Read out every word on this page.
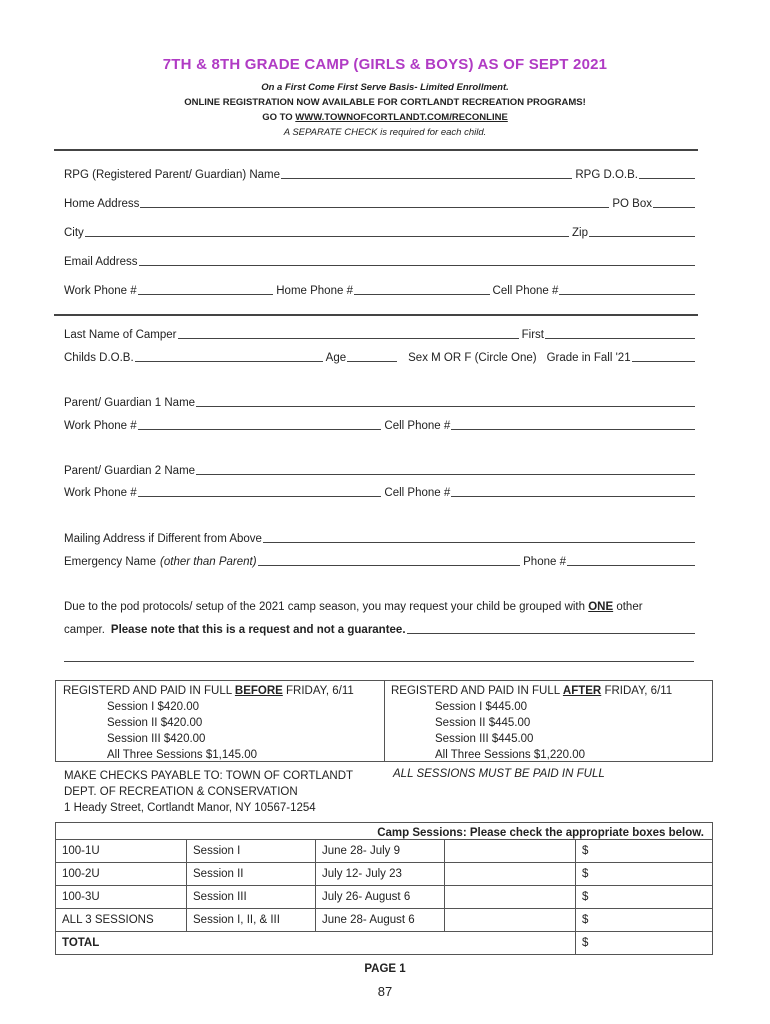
7TH & 8TH GRADE CAMP (GIRLS & BOYS) AS OF SEPT 2021
On a First Come First Serve Basis- Limited Enrollment.
ONLINE REGISTRATION NOW AVAILABLE FOR CORTLANDT RECREATION PROGRAMS!
GO TO WWW.TOWNOFCORTLANDT.COM/RECONLINE
A SEPARATE CHECK is required for each child.
RPG (Registered Parent/ Guardian) Name	RPG D.O.B.
Home Address	PO Box
City	Zip
Email Address
Work Phone #	Home Phone #	Cell Phone #
Last Name of Camper	First
Childs D.O.B.	Age	Sex M OR F (Circle One) Grade in Fall '21
Parent/ Guardian 1 Name
Work Phone #	Cell Phone #
Parent/ Guardian 2 Name
Work Phone #	Cell Phone #
Mailing Address if Different from Above
Emergency Name (other than Parent)	Phone #
Due to the pod protocols/ setup of the 2021 camp season, you may request your child be grouped with ONE other
camper. Please note that this is a request and not a guarantee.
REGISTERD AND PAID IN FULL BEFORE FRIDAY, 6/11
Session I $420.00
Session II $420.00
Session III $420.00
All Three Sessions $1,145.00
REGISTERD AND PAID IN FULL AFTER FRIDAY, 6/11
Session I $445.00
Session II $445.00
Session III $445.00
All Three Sessions $1,220.00
MAKE CHECKS PAYABLE TO: TOWN OF CORTLANDT
DEPT. OF RECREATION & CONSERVATION
1 Heady Street, Cortlandt Manor, NY 10567-1254
ALL SESSIONS MUST BE PAID IN FULL
Camp Sessions: Please check the appropriate boxes below.					
100-1U	Session I	June 28- July 9		$	
100-2U	Session II	July 12- July 23		$	
100-3U	Session III	July 26- August 6		$	
ALL 3 SESSIONS	Session I, II, & III	June 28- August 6		$	
TOTAL				$	
PAGE 1
87
